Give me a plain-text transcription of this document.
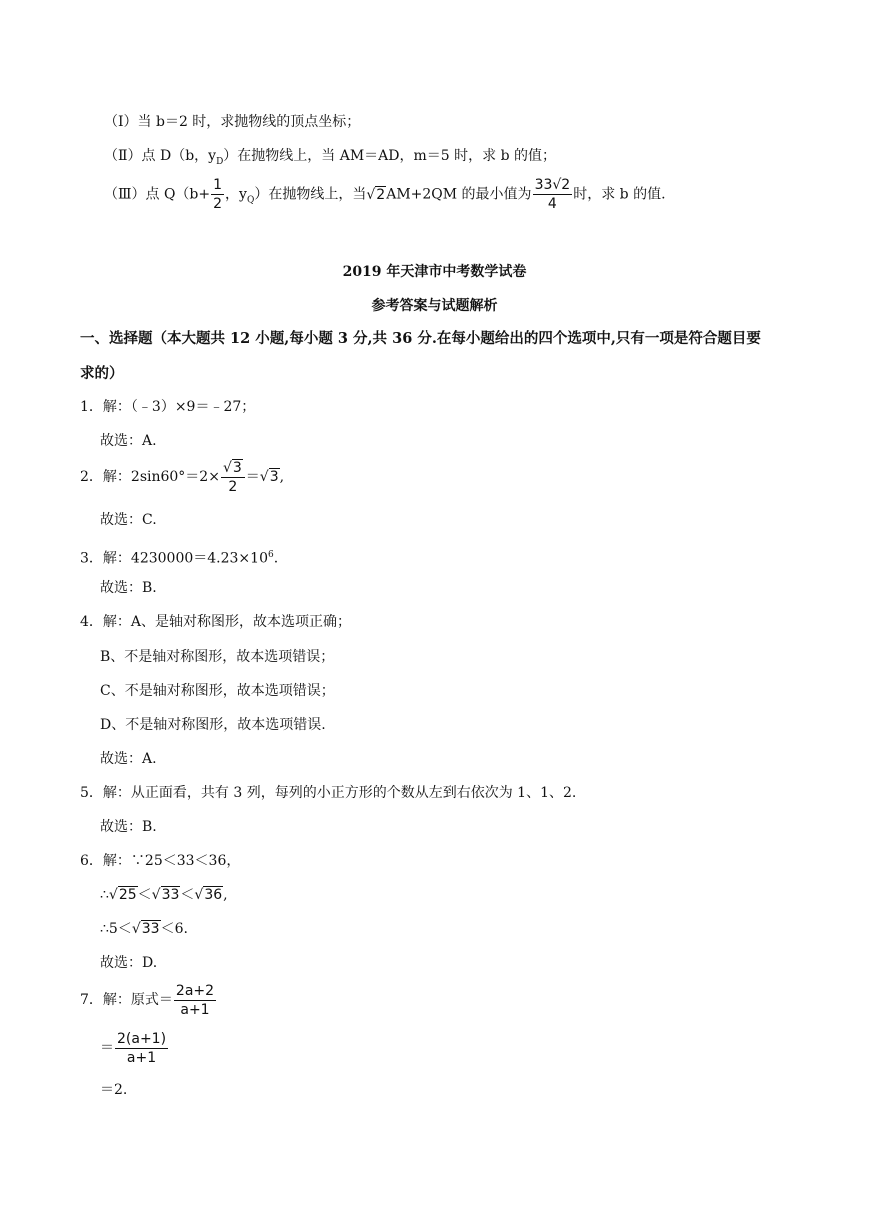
（Ⅰ）当 b＝2 时，求抛物线的顶点坐标；
（Ⅱ）点 D（b，$y_D$）在抛物线上，当 AM＝AD，m＝5 时，求 b 的值；
（Ⅲ）点 $Q(b+ \frac{1}{2}$ ，$y_Q$）在抛物线上，当√2AM+2QM 的最小值为 $\frac{33√2}{4}$ 时，求 b 的值.
2019 年天津市中考数学试卷
参考答案与试题解析
一、选择题（本大题共 12 小题,每小题 3 分,共 36 分.在每小题给出的四个选项中,只有一项是符合题目要
求的）
1．解：（﹣3）×9＝﹣27；
故选：A.
2．解：$2\sin 60^\circ=2\times \frac{√3}{2} =√3$,
故选：C.
3．解：$4230000=4.23\times 10^6$.
故选：B.
4．解：A、是轴对称图形，故本选项正确；
B、不是轴对称图形，故本选项错误；
C、不是轴对称图形，故本选项错误；
D、不是轴对称图形，故本选项错误.
故选：A.
5．解：从正面看，共有 3 列，每列的小正方形的个数从左到右依次为 1、1、2.
故选：B.
6．解：∵25＜33＜36，
∴√25＜√33＜√36,
∴5＜√33＜6.
故选：D.
7．解：原式＝ $\frac{2a+2}{a+1}$
＝ $\frac{2(a+1)}{a+1}$
＝2.
